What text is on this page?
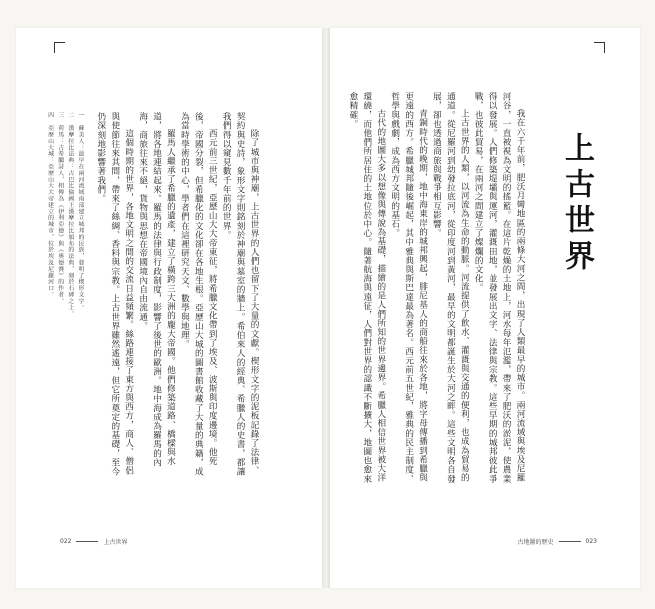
我在六千年前，肥沃月彎地區的兩條大河之間，出現了人類最早的城市。兩河流域與埃及尼羅河谷，一直被視為文明的搖籃。在這片乾燥的土地上，河水每年氾濫，帶來了肥沃的淤泥，使農業得以發展。人們修築堤壩與運河，灌溉田地，並發展出文字、法律與宗教。這些早期的城邦彼此爭戰，也彼此貿易，在兩河之間建立了燦爛的文化。

上古世界的人類，以河流為生命的動脈。河流提供了飲水、灌溉與交通的便利，也成為貿易的通道。從尼羅河到幼發拉底河，從印度河到黃河，最早的文明都誕生於大河之畔。這些文明各自發展，卻也透過商旅與戰爭相互影響。

青銅時代的晚期，地中海東岸的城邦興起，腓尼基人的商船往來於各地，將字母傳播到希臘與更遠的西方。希臘城邦隨後崛起，其中雅典與斯巴達最為著名。西元前五世紀，雅典的民主制度、哲學與戲劇，成為西方文明的基石。

古代的地圖大多以想像與傳說為基礎，描繪的是人們所知的世界邊界。希臘人相信世界被大洋環繞，而他們所居住的土地位於中心。隨著航海與遠征，人們對世界的認識不斷擴大，地圖也愈來愈精確。

上古世界

除了城市與神廟，上古世界的人們也留下了大量的文獻。楔形文字的泥板記錄了法律、契約與史詩，象形文字則銘刻於神廟與墓室的牆上。希伯來人的經典、希臘人的史書，都讓我們得以窺見數千年前的世界。

西元前三世紀，亞歷山大大帝東征，將希臘文化帶到了埃及、波斯與印度邊境。他死後，帝國分裂，但希臘化的文化卻在各地生根。亞歷山大城的圖書館收藏了大量的典籍，成為當時學術的中心，學者們在這裡研究天文、數學與地理。

羅馬人繼承了希臘的遺產，建立了橫跨三大洲的龐大帝國。他們修築道路、橋樑與水道，將各地連結起來。羅馬的法律與行政制度，影響了後世的歐洲。地中海成為羅馬的內海，商旅往來不絕，貨物與思想在帝國境內自由流通。

這個時期的世界，各地文明之間的交流日益頻繁。絲路連接了東方與西方，商人、僧侶與使節往來其間，帶來了絲綢、香料與宗教。上古世界雖然遙遠，但它所奠定的基礎，至今仍深刻地影響著我們。

一 蘇美人：最早在兩河流域南部建立城邦的民族，發明了楔形文字。

二 漢摩拉比法典：古巴比倫國王漢摩拉比頒布的法典，刻於石碑之上。

三 荷馬：古希臘詩人，相傳為《伊利亞德》與《奧德賽》的作者。

四 亞歷山大城：亞歷山大大帝建立的城市，位於埃及尼羅河口。

022	上古世界	古地圖的歷史	023
